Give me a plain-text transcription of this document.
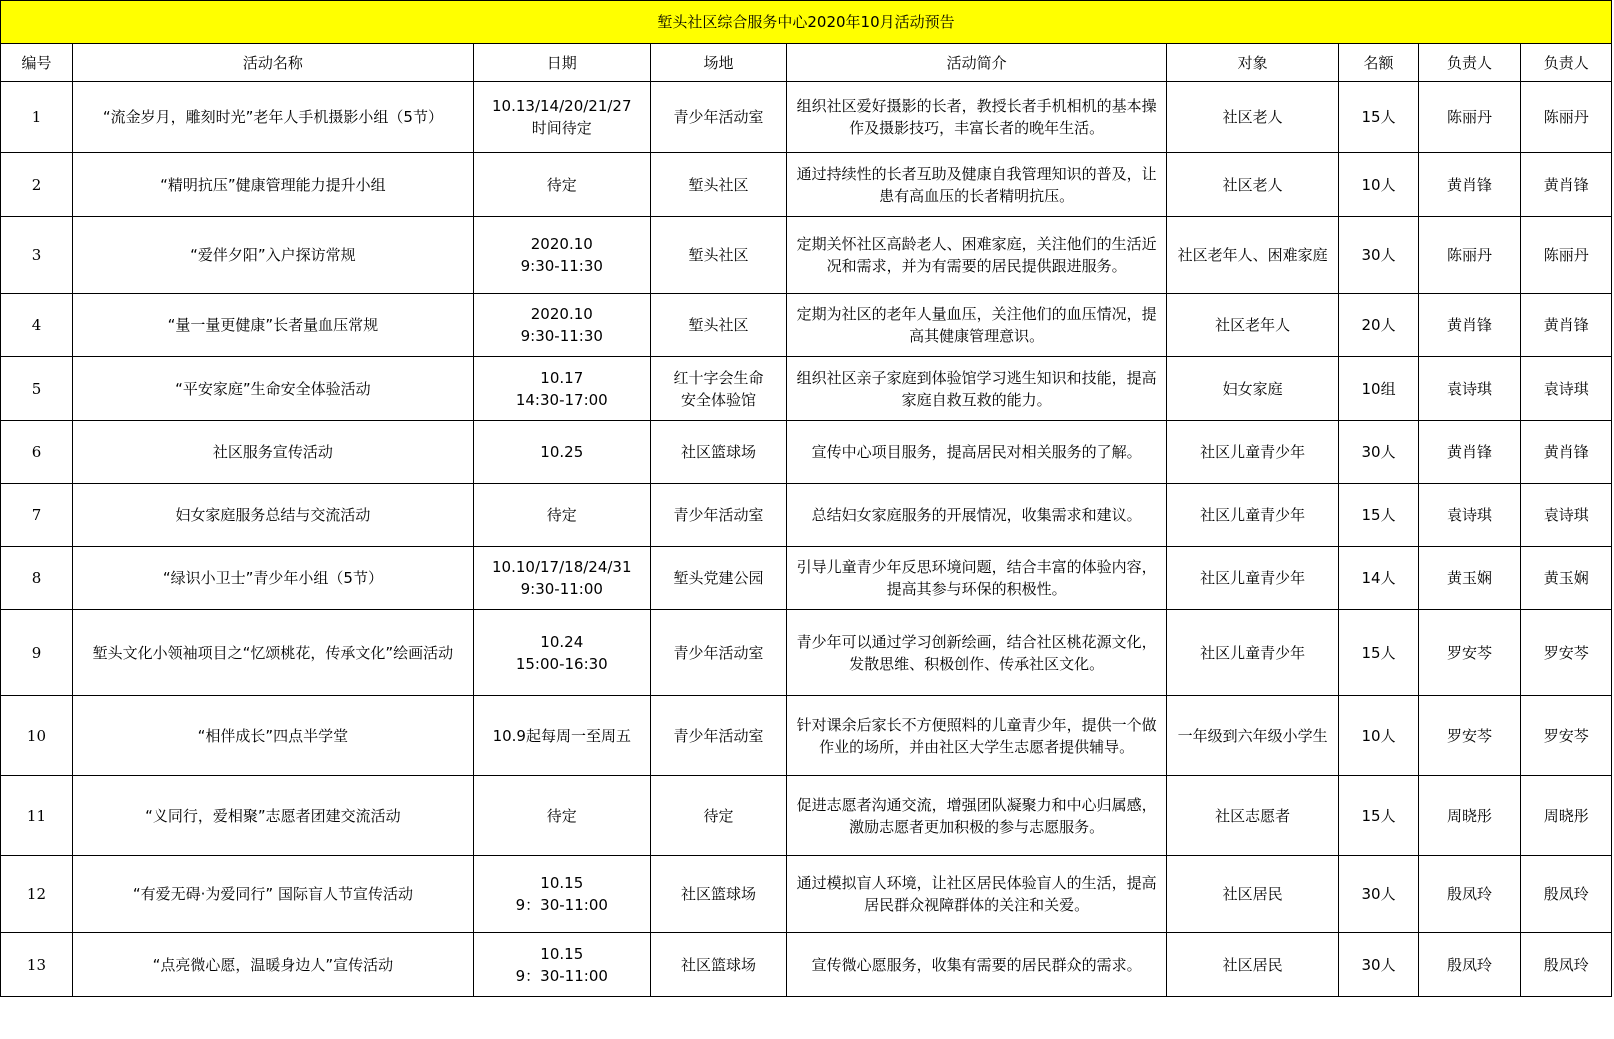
堑头社区综合服务中心2020年10月活动预告								
编号	活动名称	日期	场地	活动简介	对象	名额	负责人	负责人
1	“流金岁月，雕刻时光”老年人手机摄影小组（5节）	10.13/14/20/21/27
时间待定	青少年活动室	组织社区爱好摄影的长者，教授长者手机相机的基本操作及摄影技巧，丰富长者的晚年生活。	社区老人	15人	陈丽丹	陈丽丹
2	“精明抗压”健康管理能力提升小组	待定	堑头社区	通过持续性的长者互助及健康自我管理知识的普及，让患有高血压的长者精明抗压。	社区老人	10人	黄肖锋	黄肖锋
3	“爱伴夕阳”入户探访常规	2020.10
9:30-11:30	堑头社区	定期关怀社区高龄老人、困难家庭，关注他们的生活近况和需求，并为有需要的居民提供跟进服务。	社区老年人、困难家庭	30人	陈丽丹	陈丽丹
4	“量一量更健康”长者量血压常规	2020.10
9:30-11:30	堑头社区	定期为社区的老年人量血压，关注他们的血压情况，提高其健康管理意识。	社区老年人	20人	黄肖锋	黄肖锋
5	“平安家庭”生命安全体验活动	10.17
14:30-17:00	红十字会生命
安全体验馆	组织社区亲子家庭到体验馆学习逃生知识和技能，提高家庭自救互救的能力。	妇女家庭	10组	袁诗琪	袁诗琪
6	社区服务宣传活动	10.25	社区篮球场	宣传中心项目服务，提高居民对相关服务的了解。	社区儿童青少年	30人	黄肖锋	黄肖锋
7	妇女家庭服务总结与交流活动	待定	青少年活动室	总结妇女家庭服务的开展情况，收集需求和建议。	社区儿童青少年	15人	袁诗琪	袁诗琪
8	“绿识小卫士”青少年小组（5节）	10.10/17/18/24/31
9:30-11:00	堑头党建公园	引导儿童青少年反思环境问题，结合丰富的体验内容，提高其参与环保的积极性。	社区儿童青少年	14人	黄玉娴	黄玉娴
9	堑头文化小领袖项目之“忆颂桃花，传承文化”绘画活动	10.24
15:00-16:30	青少年活动室	青少年可以通过学习创新绘画，结合社区桃花源文化，发散思维、积极创作、传承社区文化。	社区儿童青少年	15人	罗安芩	罗安芩
10	“相伴成长”四点半学堂	10.9起每周一至周五	青少年活动室	针对课余后家长不方便照料的儿童青少年，提供一个做作业的场所，并由社区大学生志愿者提供辅导。	一年级到六年级小学生	10人	罗安芩	罗安芩
11	“义同行，爱相聚”志愿者团建交流活动	待定	待定	促进志愿者沟通交流，增强团队凝聚力和中心归属感，激励志愿者更加积极的参与志愿服务。	社区志愿者	15人	周晓彤	周晓彤
12	“有爱无碍·为爱同行” 国际盲人节宣传活动	10.15
9：30-11:00	社区篮球场	通过模拟盲人环境，让社区居民体验盲人的生活，提高居民群众视障群体的关注和关爱。	社区居民	30人	殷凤玲	殷凤玲
13	“点亮微心愿，温暖身边人”宣传活动	10.15
9：30-11:00	社区篮球场	宣传微心愿服务，收集有需要的居民群众的需求。	社区居民	30人	殷凤玲	殷凤玲
